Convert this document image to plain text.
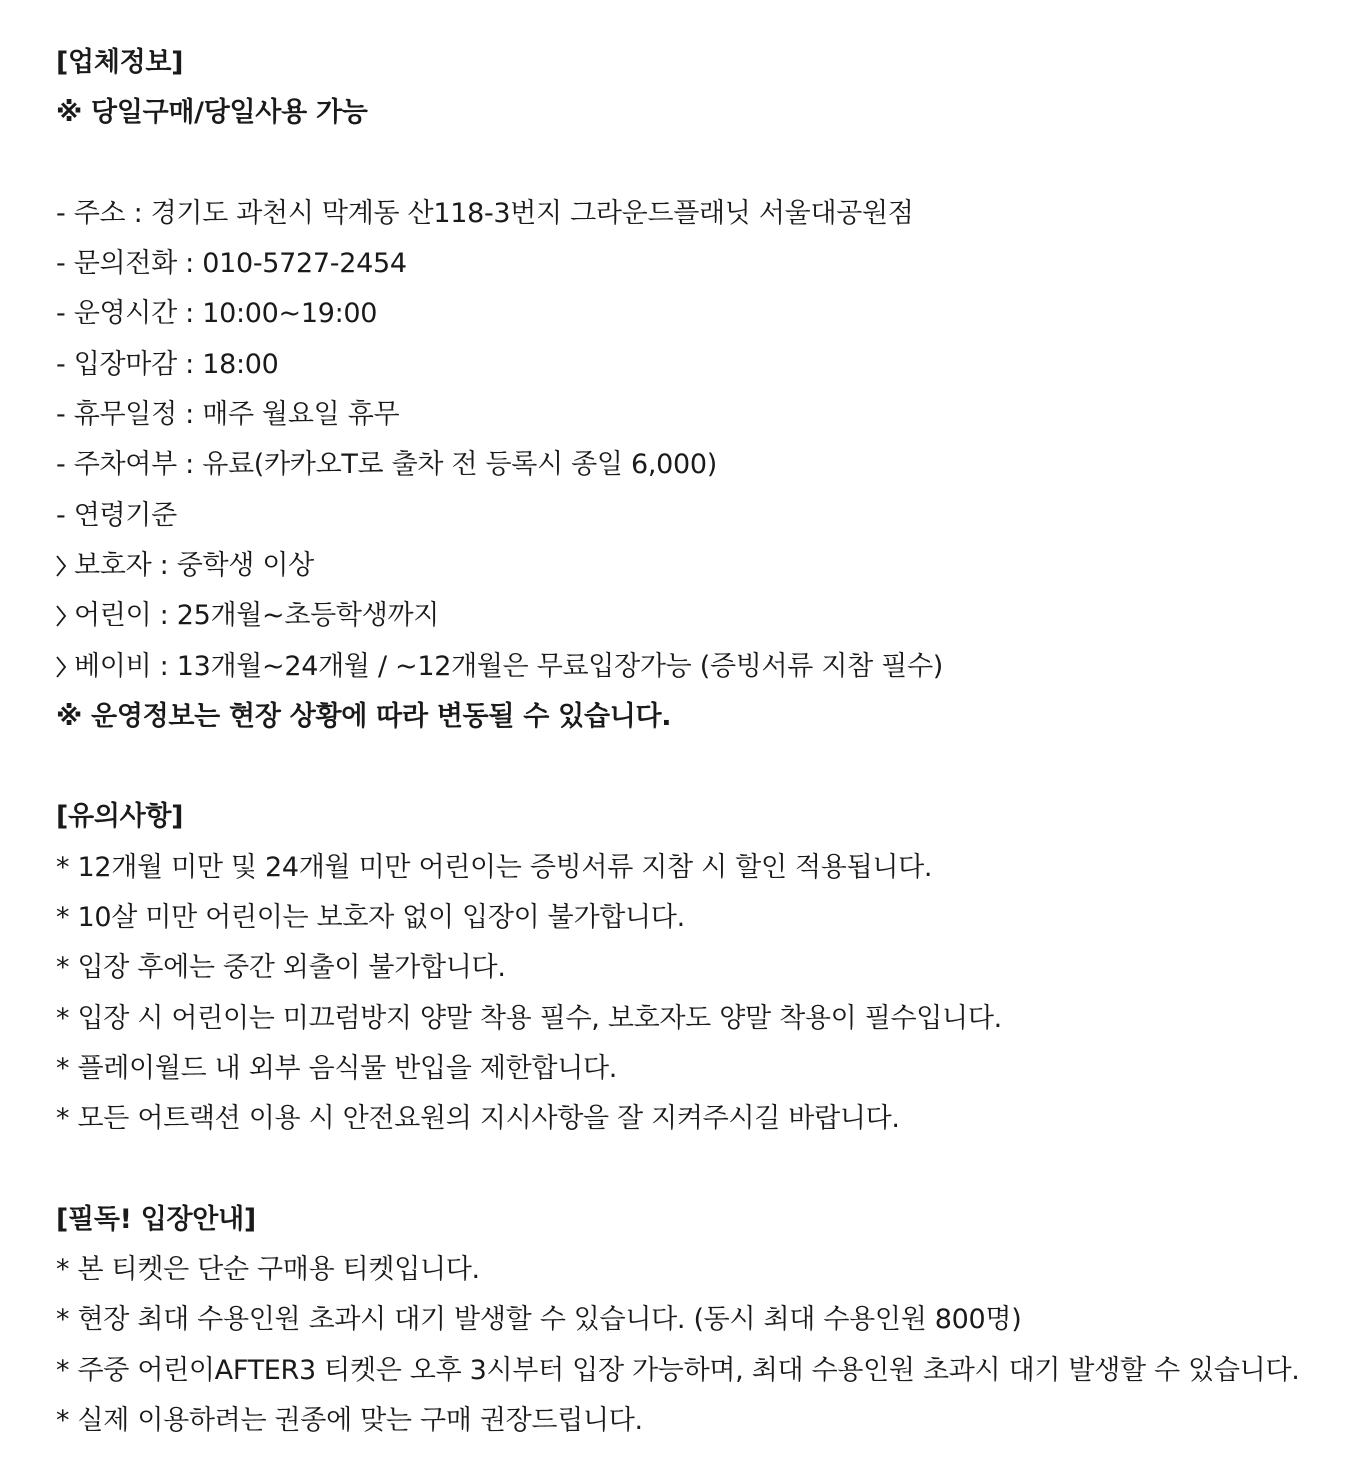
[업체정보]
※ 당일구매/당일사용 가능
- 주소 : 경기도 과천시 막계동 산118-3번지 그라운드플래닛 서울대공원점
- 문의전화 : 010-5727-2454
- 운영시간 : 10:00~19:00
- 입장마감 : 18:00
- 휴무일정 : 매주 월요일 휴무
- 주차여부 : 유료(카카오T로 출차 전 등록시 종일 6,000)
- 연령기준
보호자 : 중학생 이상
어린이 : 25개월~초등학생까지
베이비 : 13개월~24개월 / ~12개월은 무료입장가능 (증빙서류 지참 필수)
※ 운영정보는 현장 상황에 따라 변동될 수 있습니다.
[유의사항]
* 12개월 미만 및 24개월 미만 어린이는 증빙서류 지참 시 할인 적용됩니다.
* 10살 미만 어린이는 보호자 없이 입장이 불가합니다.
* 입장 후에는 중간 외출이 불가합니다.
* 입장 시 어린이는 미끄럼방지 양말 착용 필수, 보호자도 양말 착용이 필수입니다.
* 플레이월드 내 외부 음식물 반입을 제한합니다.
* 모든 어트랙션 이용 시 안전요원의 지시사항을 잘 지켜주시길 바랍니다.
[필독! 입장안내]
* 본 티켓은 단순 구매용 티켓입니다.
* 현장 최대 수용인원 초과시 대기 발생할 수 있습니다. (동시 최대 수용인원 800명)
* 주중 어린이AFTER3 티켓은 오후 3시부터 입장 가능하며, 최대 수용인원 초과시 대기 발생할 수 있습니다.
* 실제 이용하려는 권종에 맞는 구매 권장드립니다.
